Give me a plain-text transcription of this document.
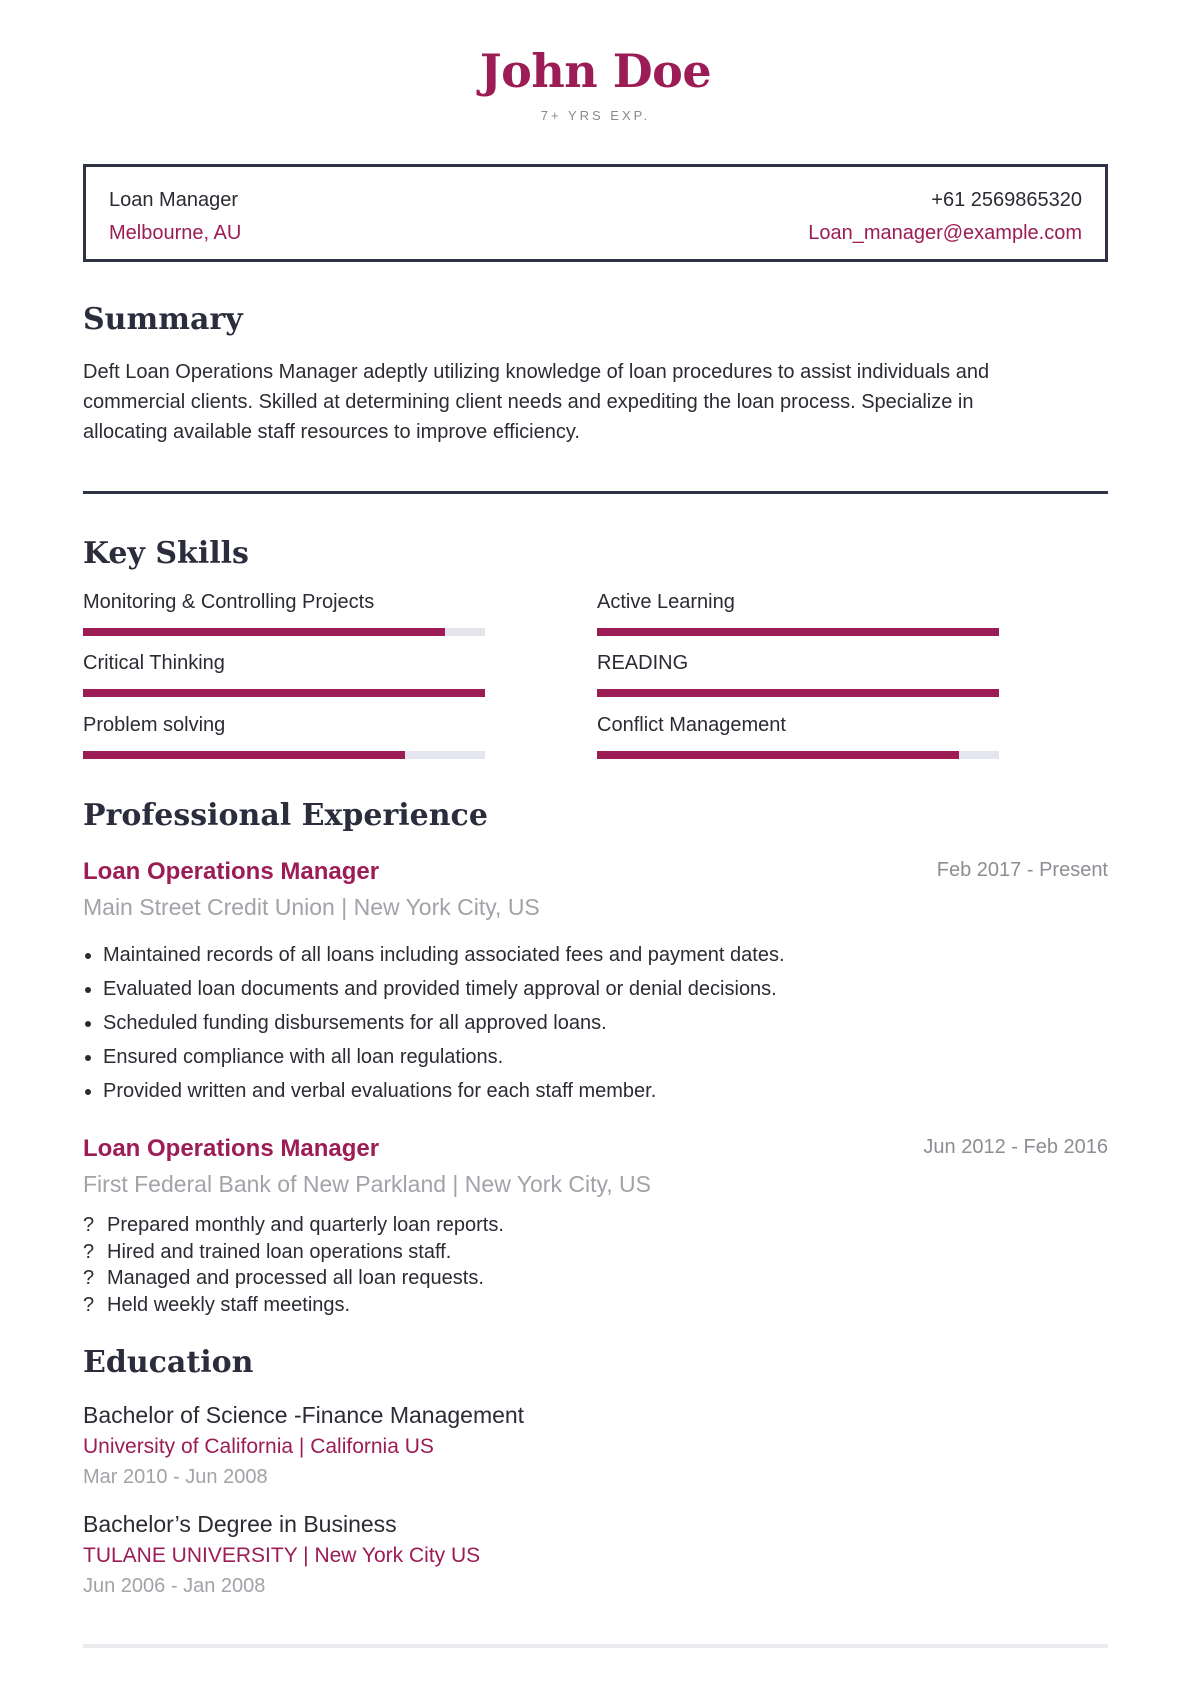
John Doe
7+ YRS EXP.
Loan Manager
Melbourne, AU
+61 2569865320
Loan_manager@example.com
Summary
Deft Loan Operations Manager adeptly utilizing knowledge of loan procedures to assist individuals and commercial clients. Skilled at determining client needs and expediting the loan process. Specialize in allocating available staff resources to improve efficiency.
Key Skills
Monitoring & Controlling Projects	Active Learning
Critical Thinking	READING
Problem solving	Conflict Management
Professional Experience
Loan Operations Manager	Feb 2017 - Present
Main Street Credit Union | New York City, US
Maintained records of all loans including associated fees and payment dates.
Evaluated loan documents and provided timely approval or denial decisions.
Scheduled funding disbursements for all approved loans.
Ensured compliance with all loan regulations.
Provided written and verbal evaluations for each staff member.
Loan Operations Manager	Jun 2012 - Feb 2016
First Federal Bank of New Parkland | New York City, US
? Prepared monthly and quarterly loan reports.
? Hired and trained loan operations staff.
? Managed and processed all loan requests.
? Held weekly staff meetings.
Education
Bachelor of Science -Finance Management
University of California | California US
Mar 2010 - Jun 2008
Bachelor’s Degree in Business
TULANE UNIVERSITY | New York City US
Jun 2006 - Jan 2008
